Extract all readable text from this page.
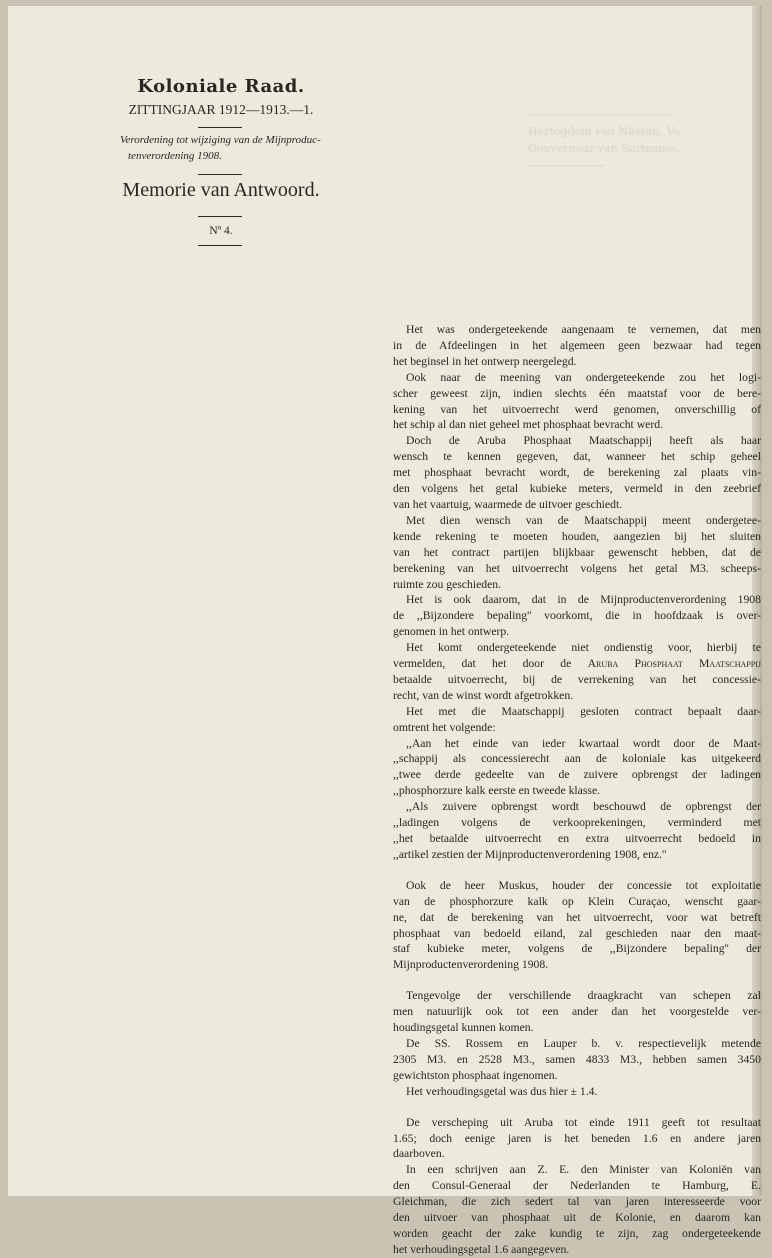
—————————————
Hertogdom van Nassau, Vo.
Gouverneur van Suriname,
———————
Koloniale Raad.
ZITTINGJAAR 1912—1913.—1.
Verordening tot wijziging van de Mijnproduc-
tenverordening 1908.
Memorie van Antwoord.
Nº 4.
Het was ondergeteekende aangenaam te vernemen, dat men
in de Afdeelingen in het algemeen geen bezwaar had tegen
het beginsel in het ontwerp neergelegd.
Ook naar de meening van ondergeteekende zou het logi-
scher geweest zijn, indien slechts één maatstaf voor de bere-
kening van het uitvoerrecht werd genomen, onverschillig of
het schip al dan niet geheel met phosphaat bevracht werd.
Doch de Aruba Phosphaat Maatschappij heeft als haar
wensch te kennen gegeven, dat, wanneer het schip geheel
met phosphaat bevracht wordt, de berekening zal plaats vin-
den volgens het getal kubieke meters, vermeld in den zeebrief
van het vaartuig, waarmede de uitvoer geschiedt.
Met dien wensch van de Maatschappij meent ondergetee-
kende rekening te moeten houden, aangezien bij het sluiten
van het contract partijen blijkbaar gewenscht hebben, dat de
berekening van het uitvoerrecht volgens het getal M3. scheeps-
ruimte zou geschieden.
Het is ook daarom, dat in de Mijnproductenverordening 1908
de ,,Bijzondere bepaling'' voorkomt, die in hoofdzaak is over-
genomen in het ontwerp.
Het komt ondergeteekende niet ondienstig voor, hierbij te
vermelden, dat het door de Aruba Phosphaat Maatschappij
betaalde uitvoerrecht, bij de verrekening van het concessie-
recht, van de winst wordt afgetrokken.
Het met die Maatschappij gesloten contract bepaalt daar-
omtrent het volgende:
,,Aan het einde van ieder kwartaal wordt door de Maat-
,,schappij als concessierecht aan de koloniale kas uitgekeerd
,,twee derde gedeelte van de zuivere opbrengst der ladingen
,,phosphorzure kalk eerste en tweede klasse.
,,Als zuivere opbrengst wordt beschouwd de opbrengst der
,,ladingen volgens de verkooprekeningen, verminderd met
,,het betaalde uitvoerrecht en extra uitvoerrecht bedoeld in
,,artikel zestien der Mijnproductenverordening 1908, enz.''
Ook de heer Muskus, houder der concessie tot exploitatie
van de phosphorzure kalk op Klein Curaçao, wenscht gaar-
ne, dat de berekening van het uitvoerrecht, voor wat betreft
phosphaat van bedoeld eiland, zal geschieden naar den maat-
staf kubieke meter, volgens de ,,Bijzondere bepaling'' der
Mijnproductenverordening 1908.
Tengevolge der verschillende draagkracht van schepen zal
men natuurlijk ook tot een ander dan het voorgestelde ver-
houdingsgetal kunnen komen.
De SS. Rossem en Lauper b. v. respectievelijk metende
2305 M3. en 2528 M3., samen 4833 M3., hebben samen 3450
gewichtston phosphaat ingenomen.
Het verhoudingsgetal was dus hier ± 1.4.
De verscheping uit Aruba tot einde 1911 geeft tot resultaat
1.65; doch eenige jaren is het beneden 1.6 en andere jaren
daarboven.
In een schrijven aan Z. E. den Minister van Koloniën van
den Consul-Generaal der Nederlanden te Hamburg, E.
Gleichman, die zich sedert tal van jaren interesseerde voor
den uitvoer van phosphaat uit de Kolonie, en daarom kan
worden geacht der zake kundig te zijn, zag ondergeteekende
het verhoudingsgetal 1.6 aangegeven.
